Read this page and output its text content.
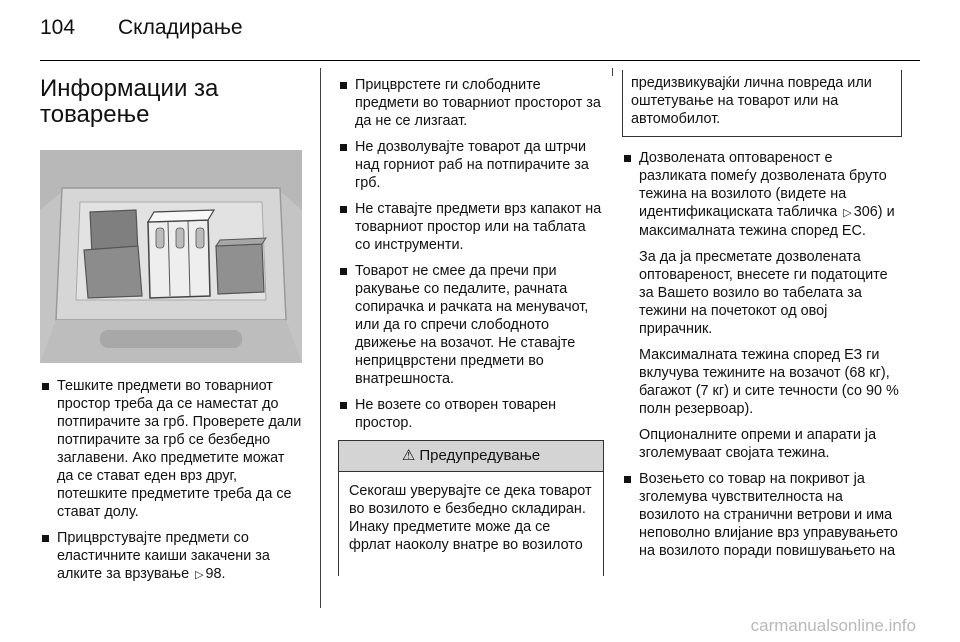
104	Складирање
Информации за
товарење
Тешките предмети во товарниот простор треба да се наместат до потпирачите за грб. Проверете дали потпирачите за грб се безбедно заглавени. Ако предметите можат да се стават еден врз друг, потешките предметите треба да се стават долу.
Прицврстувајте предмети со еластичните каиши закачени за алките за врзување ▷ 98.
Прицврстете ги слободните предмети во товарниот просторот за да не се лизгаат.
Не дозволувајте товарот да штрчи над горниот раб на потпирачите за грб.
Не ставајте предмети врз капакот на товарниот простор или на таблата со инструменти.
Товарот не смее да пречи при ракување со педалите, рачната сопирачка и рачката на менувачот, или да го спречи слободното движење на возачот. Не ставајте неприцврстени предмети во внатрешноста.
Не возете со отворен товарен простор.
⚠ Предупредување
Секогаш уверувајте се дека товарот во возилото е безбедно складиран. Инаку предметите може да се фрлат наоколу внатре во возилото
предизвикувајќи лична повреда или оштетување на товарот или на автомобилот.
Дозволената оптовареност е разликата помеѓу дозволената бруто тежина на возилото (видете на идентификациската табличка ▷ 306) и максималната тежина според ЕС.

За да ја пресметате дозволената оптовареност, внесете ги податоците за Вашето возило во табелата за тежини на почетокот од овој прирачник.

Максималната тежина според ЕЗ ги вклучува тежините на возачот (68 кг), багажот (7 кг) и сите течности (со 90 % полн резервоар).

Опционалните опреми и апарати ја зголемуваат својата тежина.

Возењето со товар на покривот ја зголемува чувствителноста на возилото на странични ветрови и има неповолно влијание врз управувањето на возилото поради повишувањето на
carmanualsonline.info
